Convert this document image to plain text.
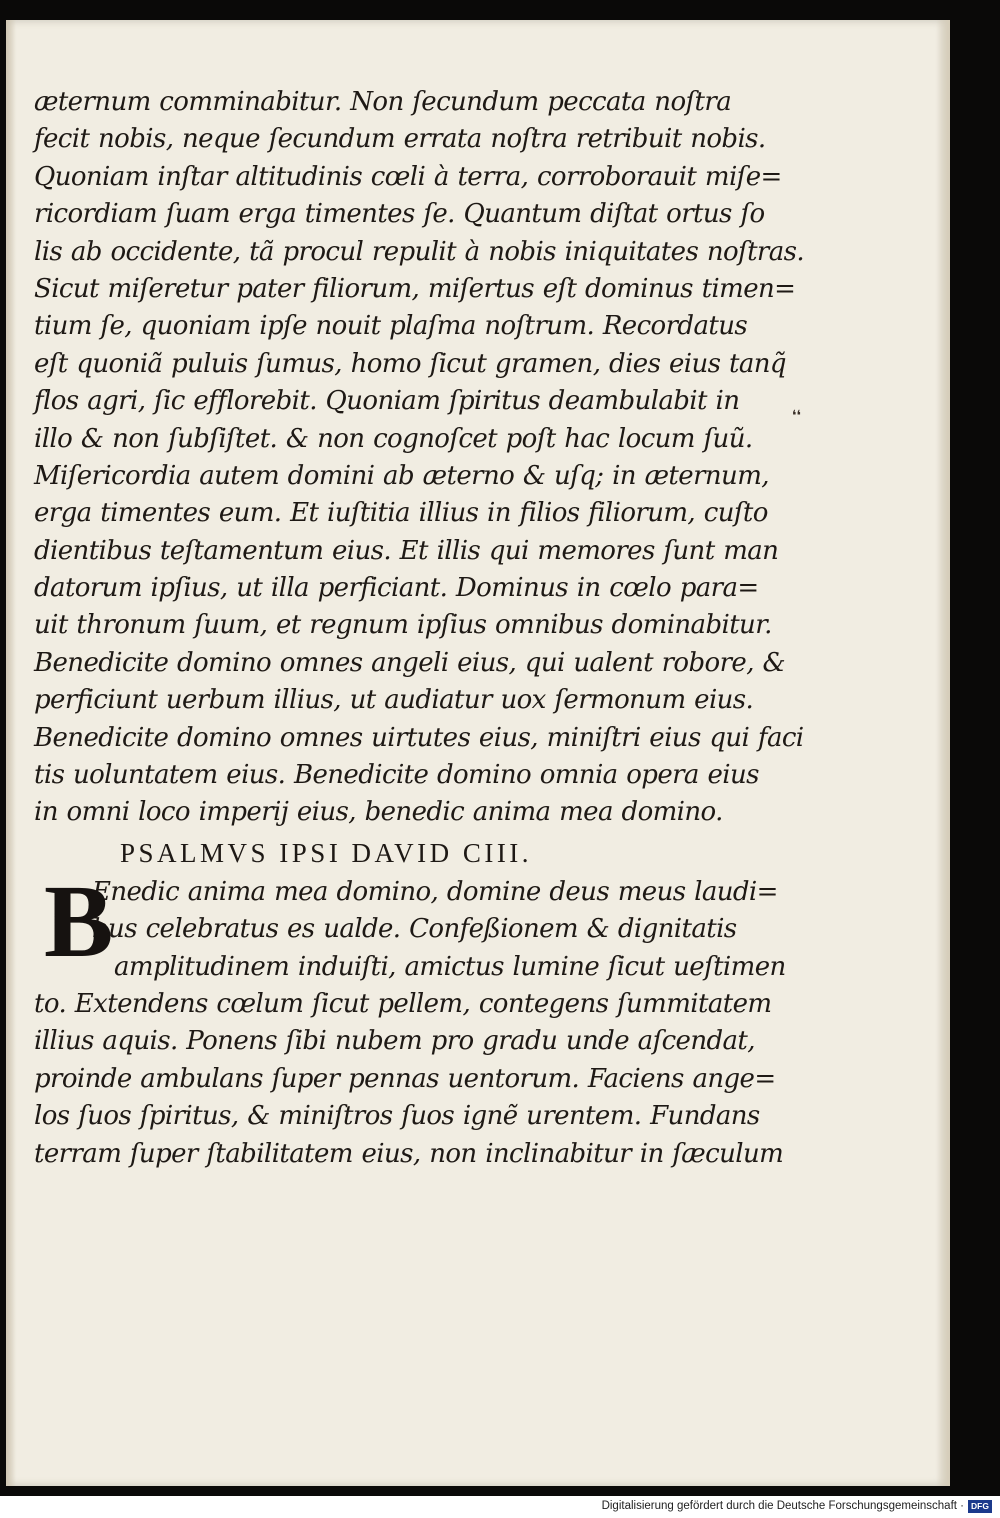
æternum comminabitur. Non ſecundum peccata noſtra
fecit nobis, neque ſecundum errata noſtra retribuit nobis.
Quoniam inſtar altitudinis cœli à terra, corroborauit miſe=
ricordiam ſuam erga timentes ſe. Quantum diſtat ortus ſo
lis ab occidente, tã procul repulit à nobis iniquitates noſtras.
Sicut miſeretur pater filiorum, miſertus eſt dominus timen=
tium ſe, quoniam ipſe nouit plaſma noſtrum. Recordatus
eſt quoniã puluis ſumus, homo ſicut gramen, dies eius tanq̃
flos agri, ſic efflorebit. Quoniam ſpiritus deambulabit in
illo & non ſubſiſtet. & non cognoſcet poſt hac locum ſuũ.
Miſericordia autem domini ab æterno & uſq; in æternum,
erga timentes eum. Et iuſtitia illius in filios filiorum, cuſto
dientibus teſtamentum eius. Et illis qui memores ſunt man
datorum ipſius, ut illa perficiant. Dominus in cœlo para=
uit thronum ſuum, et regnum ipſius omnibus dominabitur.
Benedicite domino omnes angeli eius, qui ualent robore, &
perficiunt uerbum illius, ut audiatur uox ſermonum eius.
Benedicite domino omnes uirtutes eius, miniſtri eius qui faci
tis uoluntatem eius. Benedicite domino omnia opera eius
in omni loco imperij eius, benedic anima mea domino.
PSALMVS IPSI DAVID CIII.
B
Enedic anima mea domino, domine deus meus laudi=
bus celebratus es ualde. Confeßionem & dignitatis
amplitudinem induiſti, amictus lumine ſicut ueſtimen
to. Extendens cœlum ſicut pellem, contegens ſummitatem
illius aquis. Ponens ſibi nubem pro gradu unde aſcendat,
proinde ambulans ſuper pennas uentorum. Faciens ange=
los ſuos ſpiritus, & miniſtros ſuos ignẽ urentem. Fundans
terram ſuper ſtabilitatem eius, non inclinabitur in ſæculum
❛❛
Digitalisierung gefördert durch die Deutsche Forschungsgemeinschaft · DFG
